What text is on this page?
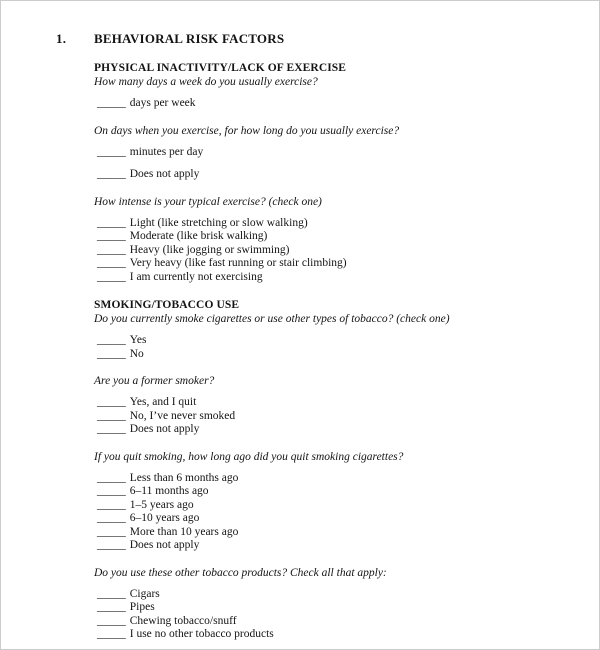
1.	BEHAVIORAL RISK FACTORS
PHYSICAL INACTIVITY/LACK OF EXERCISE
How many days a week do you usually exercise?
_____ days per week
On days when you exercise, for how long do you usually exercise?
_____ minutes per day
_____ Does not apply
How intense is your typical exercise? (check one)
_____ Light (like stretching or slow walking)
_____ Moderate (like brisk walking)
_____ Heavy (like jogging or swimming)
_____ Very heavy (like fast running or stair climbing)
_____ I am currently not exercising
SMOKING/TOBACCO USE
Do you currently smoke cigarettes or use other types of tobacco? (check one)
_____ Yes
_____ No
Are you a former smoker?
_____ Yes, and I quit
_____ No, I’ve never smoked
_____ Does not apply
If you quit smoking, how long ago did you quit smoking cigarettes?
_____ Less than 6 months ago
_____ 6–11 months ago
_____ 1–5 years ago
_____ 6–10 years ago
_____ More than 10 years ago
_____ Does not apply
Do you use these other tobacco products? Check all that apply:
_____ Cigars
_____ Pipes
_____ Chewing tobacco/snuff
_____ I use no other tobacco products
